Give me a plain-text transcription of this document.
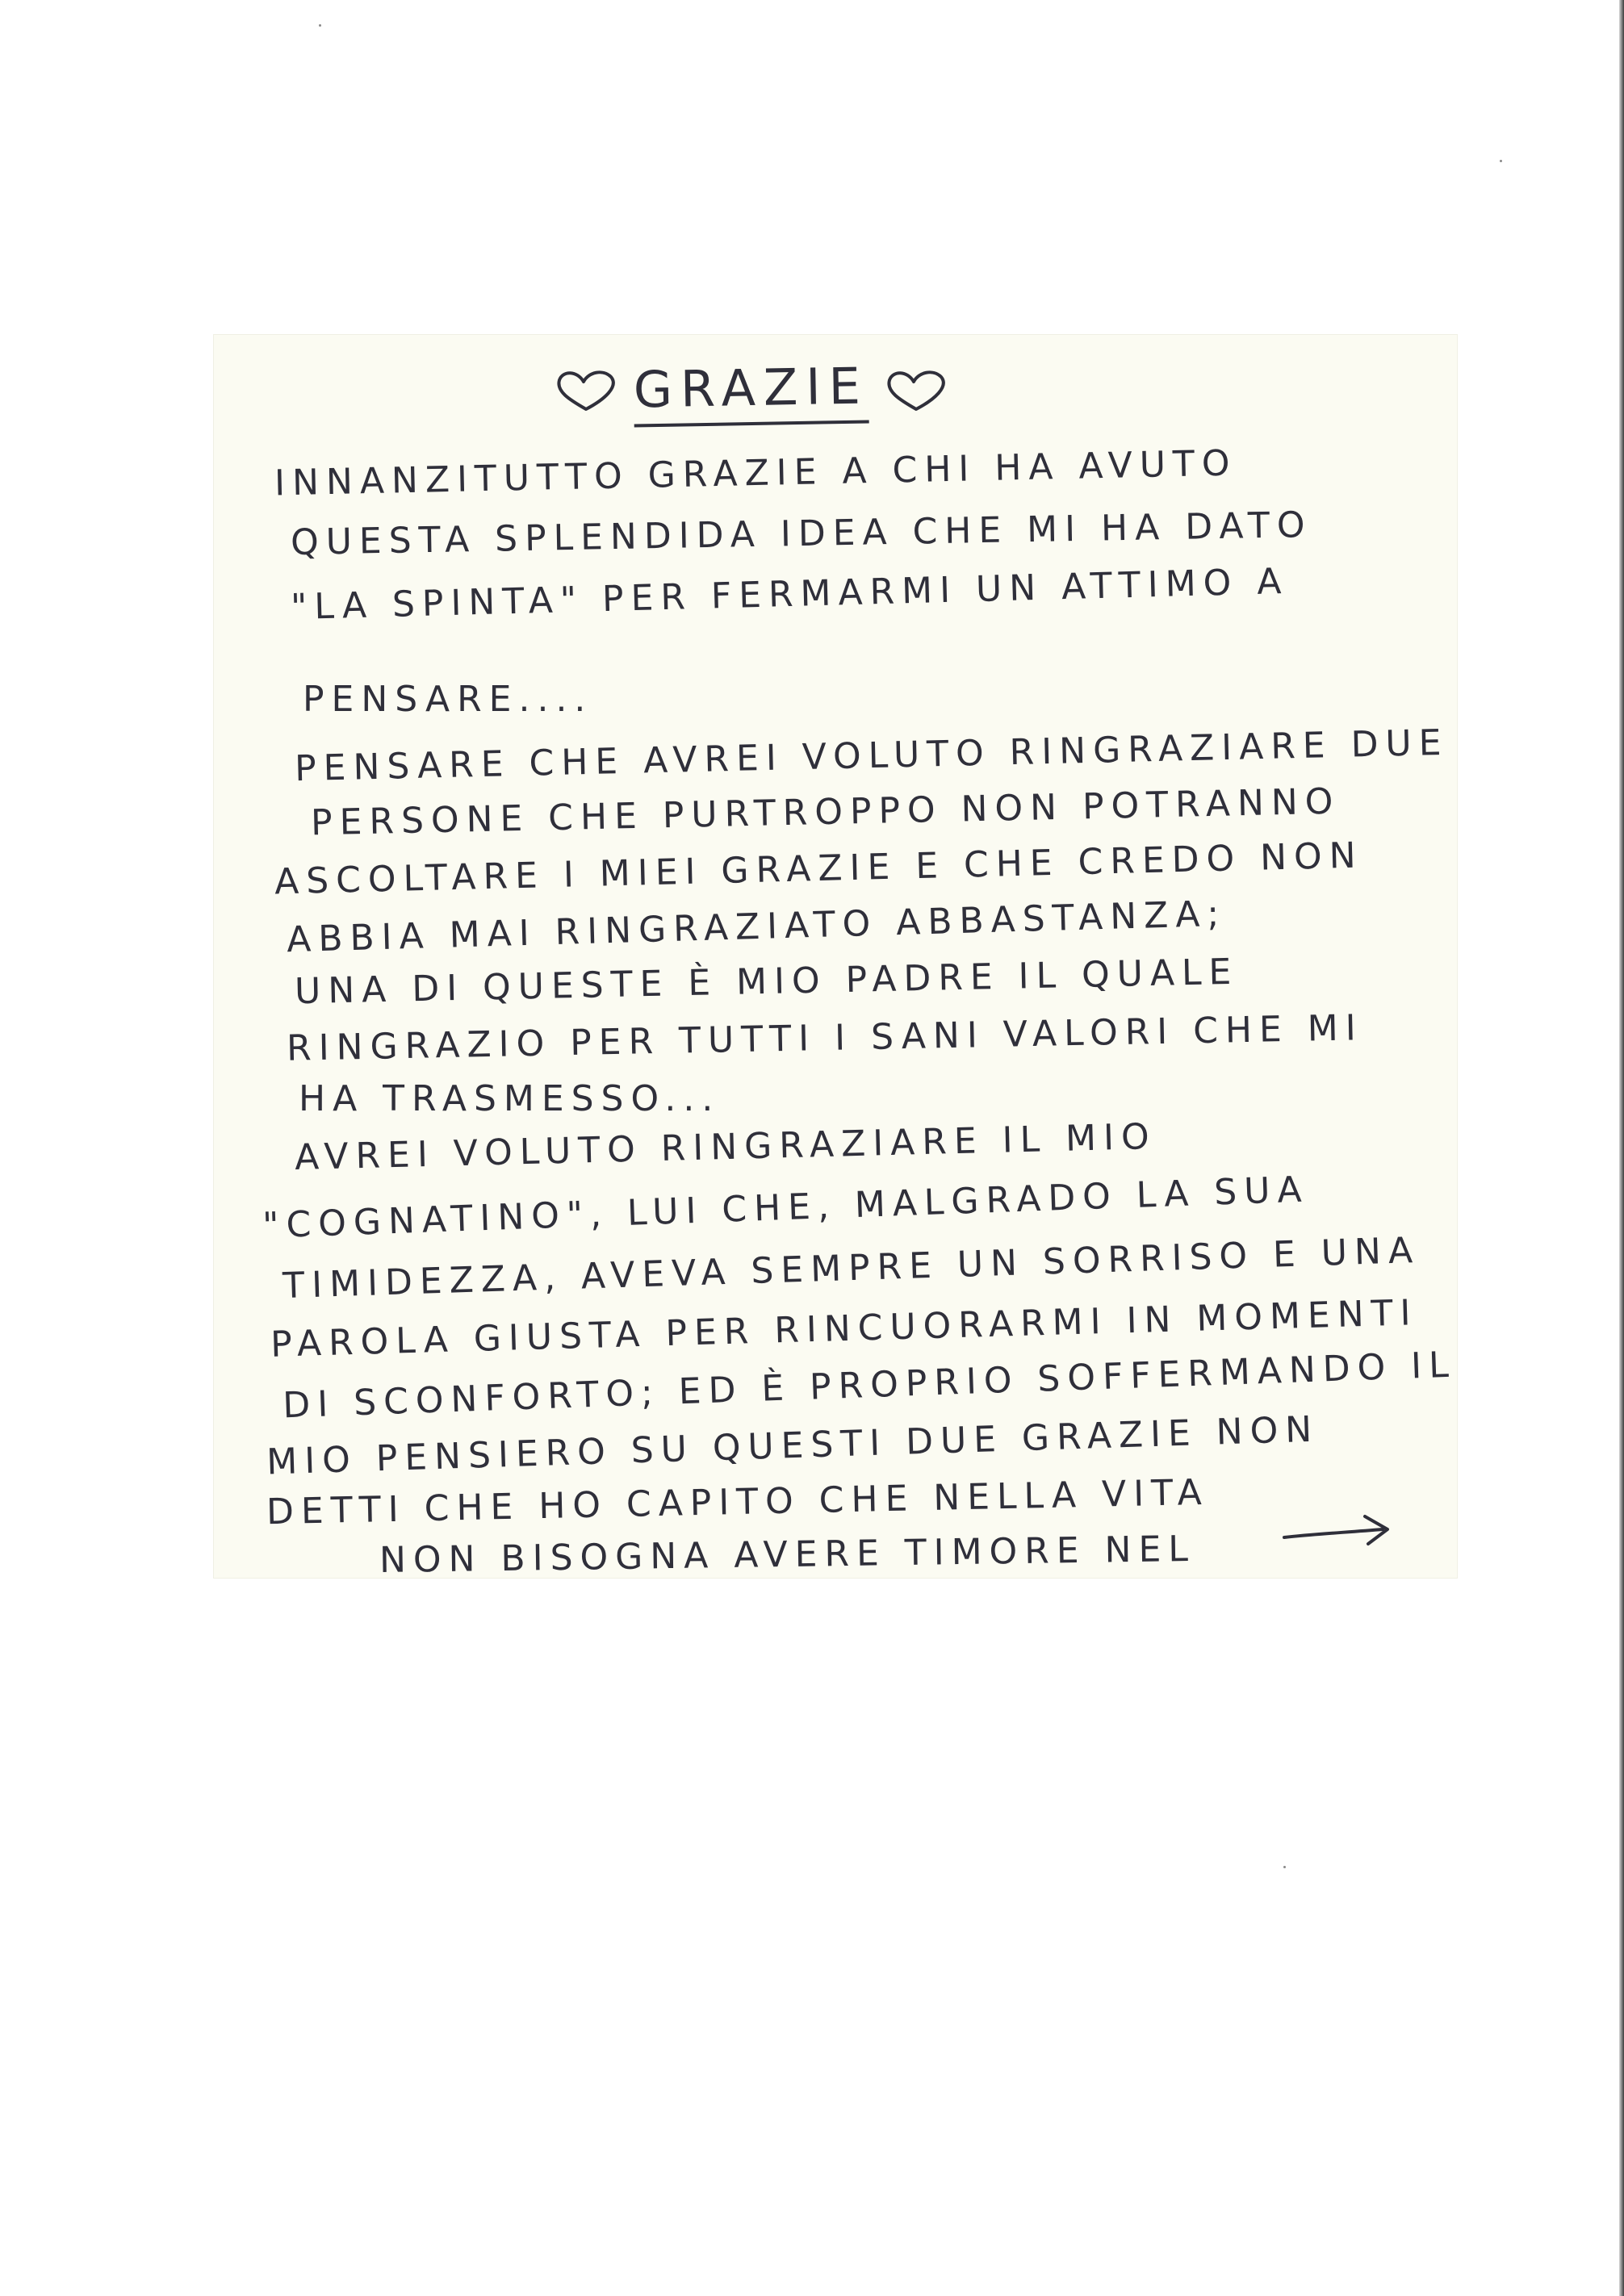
GRAZIE
INNANZITUTTO GRAZIE A CHI HA AVUTO
QUESTA SPLENDIDA IDEA CHE MI HA DATO
"LA SPINTA" PER FERMARMI UN ATTIMO A
PENSARE....
PENSARE CHE AVREI VOLUTO RINGRAZIARE DUE
PERSONE CHE PURTROPPO NON POTRANNO
ASCOLTARE I MIEI GRAZIE E CHE CREDO NON
ABBIA MAI RINGRAZIATO ABBASTANZA;
UNA DI QUESTE È MIO PADRE IL QUALE
RINGRAZIO PER TUTTI I SANI VALORI CHE MI
HA TRASMESSO...
AVREI VOLUTO RINGRAZIARE IL MIO
"COGNATINO", LUI CHE, MALGRADO LA SUA
TIMIDEZZA, AVEVA SEMPRE UN SORRISO E UNA
PAROLA GIUSTA PER RINCUORARMI IN MOMENTI
DI SCONFORTO; ED È PROPRIO SOFFERMANDO IL
MIO PENSIERO SU QUESTI DUE GRAZIE NON
DETTI CHE HO CAPITO CHE NELLA VITA
NON BISOGNA AVERE TIMORE NEL
